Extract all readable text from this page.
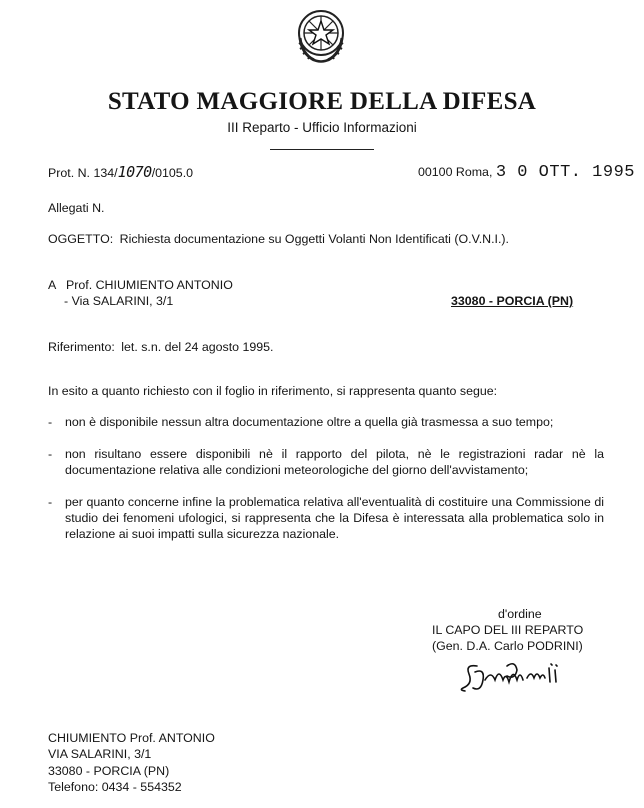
STATO MAGGIORE DELLA DIFESA
III Reparto - Ufficio Informazioni
Prot. N. 134/1070/0105.0	00100 Roma, 3 0 OTT. 1995
Allegati N.
OGGETTO: Richiesta documentazione su Oggetti Volanti Non Identificati (O.V.N.I.).
A Prof. CHIUMIENTO ANTONIO
- Via SALARINI, 3/1	33080 - PORCIA (PN)
Riferimento: let. s.n. del 24 agosto 1995.
In esito a quanto richiesto con il foglio in riferimento, si rappresenta quanto segue:
-	non è disponibile nessun altra documentazione oltre a quella già trasmessa a suo tempo;
-	non risultano essere disponibili nè il rapporto del pilota, nè le registrazioni radar nè la documentazione relativa alle condizioni meteorologiche del giorno dell'avvistamento;
-	per quanto concerne infine la problematica relativa all'eventualità di costituire una Commissione di studio dei fenomeni ufologici, si rappresenta che la Difesa è interessata alla problematica solo in relazione ai suoi impatti sulla sicurezza nazionale.
d'ordine
IL CAPO DEL III REPARTO
(Gen. D.A. Carlo PODRINI)
CHIUMIENTO Prof. ANTONIO
VIA SALARINI, 3/1
33080 - PORCIA (PN)
Telefono: 0434 - 554352
